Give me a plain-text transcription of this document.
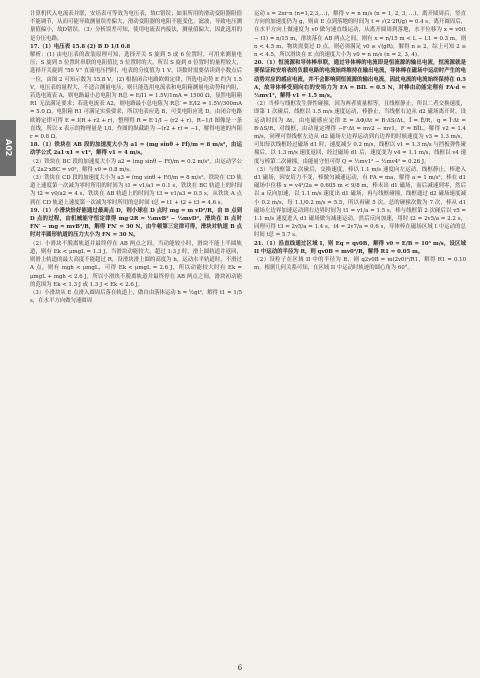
A02

计算机代入电流表并联，安培表可等效为电压表，故C错误；如果所用的滑动变阻器阻值不能调节，从而可能导致测量误差偏大，滑动变阻器的电阻不能变化，滤波，导致电压测量值偏小，故D错误。（3）分析误差可知，使用电流表内接法，测量值偏大，因此选用的是分压电路。

17.（1）电压表 15.8 (2) B D 1/I 0.8

解析：(1) 由电压表的改装原理可知，选择开关 S 旋到 5 或 6 位置时，可用来测量电压；S 旋到 5 位置时串联的电阻值比 5 位置时的大，所以 S 旋到 6 位置时的量程较大，选择开关旋到 "50 V" 直流电压挡时，电表的分度值为 1 V，读数时需要估读到小数点后一位，由图 2 可知示数为 15.8 V。(2) 根据闭合电路欧姆定律，所选电动势 E 约为 1.5 V，电压表的量程大，不适合测量电压，则只能选用电流表和电阻箱测量电动势和内阻，若选电流表 A，则电路最小总电阻为 R总 = E/I1 = 1.5V/1mA = 1500 Ω，显然电阻箱 R1 无法满足要求；若选电流表 A2，则电路最小总电阻为 R总′ = E/I2 = 1.5V/300mA = 5.0 Ω，电阻箱 R1 可满足实验要求，所以电表应选 B，可变电阻应选 D。由闭合电路欧姆定律可得 E = I(R + r2 + r)，整理得 R = E·1/I − (r2 + r)，R−1/I 图像是一条直线，所以 x 表示的物理量是 1/I，作图的纵截距为 −(r2 + r) = −1，解得电池的内阻 r = 0.8 Ω。

18.（1）铁块在 AB 段的加速度大小为 a1 = (mg sinθ + Ff)/m = 8 m/s²，由运动学公式 2a1·x1 = v1²，解得 v1 = 4 m/s。

（2）铁块在 BC 段的加速度大小为 a2 = (mg sinθ − Ff)/m = 0.2 m/s²，由运动学公式 2a2·xBC = v0²，解得 v0 = 0.8 m/s。

（3）铁块在 CD 段的加速度大小为 a3 = (mg sinθ + Ff)/m = 8 m/s²，铁块在 CD 轨道上速度第一次减为零时所用的时间为 t1 = v1/a1 = 0.1 s，铁块在 BC 轨道上的时间为 t2 = v0/a2 = 4 s，铁块在 AB 轨道上的时间为 t3 = v1/a3 = 0.5 s，从铁块 A 点到在 CD 轨道上速度第一次减为零时所用的总时间 t总 = t1 + t2 + t3 = 4.6 s。

19.（1）小滑块恰好能通过最高点 D，则小球在 D 点时 mg = m vD²/R，由 B 点到 D 点的过程，由机械能守恒定律得 mg·2R = ½mvB² − ½mvD²，滑块在 B 点时 FN′ − mg = mvB²/R，解得 FN′ = 30 N，由牛顿第三定律可得，滑块对轨道 B 点时对半圆形轨道的压力大小为 FN = 30 N。

（2）小滑块不脱离轨道并最终停在 AB 两点之间，当动能较小时，滑块不能上半圆轨道，则有 Ek < μmgL = 1.3 J，当滑块动能较大，超过 1.3 J 时，滑上圆轨道并返回，则滑上轨道的最大高度不能超过 R，设滑块滑上圆的高度为 h，运动水平轨道时，不滑过 A 点，则有 mgh < μmgL，可得 Ek < μmgL = 2.6 J，所以动能较大时有 Ek = μmgL + mgh < 2.6 J，所以小滑块不脱离轨道并最终停在 AB 两点之间，滑块初动能的范围为 Ek < 1.3 J 或 1.3 J < Ek < 2.6 J。

（3）小滑块从 E 点滑入圆周后落在轨道上，做自由落体运动 h = ½gt²，解得 t1 = 1/5 s，在水平方向做匀速圆周

运动 s = 2πr·n (n=1,2,3,…)，解得 v = n m/s (n = 1, 2, 3, …)，离开圆周后，竖直方向的加速度仍为 g，则由 E 点到落地的时间为 t = √(2·2R/g) = 0.4 s，离开圆周后，在水平方向上做速度为 v0 做匀速直线运动，从离开圆周到落地，水平位移为 x = v0(t − t1) = n/15 m，滑块落在 AB 两点之间，则有 x = n/15 m < L − L1 = 0.3 m，则 n < 4.5 m，物块需要过 D 点，则必须满足 v0 ≥ √(gR)，解得 n ≥ 2，综上可知 2 ≤ n < 4.5，所以滑块在 E 点的速度大小为 v0 = n m/s (n = 2, 3, 4)。

20.（1）恒流源和导体棒串联，通过导体棒的电流即是恒流源的输出电流，恒流源就是要保证和安培表的负载电路的电流始终维持在输出电流，导体棒在磁场中运动时产生的电动势对应的感应电流，并不会影响到恒流源的输出电流，因此电流的电流始终保持在 0.5 A，故导体棒受到向右的安培力为 FA = BIL = 0.5 N，对棒由动能定理有 FA·d = ½mv1²，解得 v1 = 1.5 m/s。

（2）当棒与线框发生弹性碰撞，因为两者质量相等，且线框静止，所以二者交换速度，即第 1 次碰后，线框以 1.5 m/s 速度运动，棒静止，当线框右边从 d2 磁场离开时，设运动时间为 Δt，由电磁感应定律 E = ΔΦ/Δt = B·ΔS/Δt，Ī = Ē/R，q = Ī·Δt = B·ΔS/R，对线框，由动量定理得 −F·Δt = mv2 − mv1，F = BĪL，解得 v2 = 1.4 m/s，同理可得线框左边从 d2 磁场左边界运动到右边界的时候速度为 v3 = 1.3 m/s，可知每次线框经过磁场 d1 时，速度减少 0.2 m/s，线框以 v1 = 1.3 m/s 与挡板弹性碰撞后，以 1.3 m/s 速度返回，经过磁场 d1 后，速度变为 v4 = 1.1 m/s，线框以 v4 速度与棒第二次碰撞，由能量守恒可得 Q = ½mv1² − ½mv4² = 0.26 J。

（3）与线框第 2 次碰后，交换速度，棒以 1.1 m/s 速度向左运动，线框静止，棒进入 d1 磁场，因安培力不变，棒做匀减速运动，有 FA = ma，解得 a = 1 m/s²，棒在 d1 磁场中位移 x = v4²/2a = 0.605 m < 9/8 m，棒未出 d1 磁场，而后减速到零，然后以 a 反向加速，以 1.1 m/s 速度出 d1 磁场，再与线框碰撞，线框通过 d2 磁场速度减小 0.2 m/s，每 1.1/0.2 m/s = 5.5，所以再碰 5 次，总的碰撞次数为 7 次，棒从 d1 磁场左边界加速运动到右边界时间为 t1 = v1/a = 1.5 s，棒与线框第 2 次碰后以 v5 = 1.1 m/s 速度进入 d1 磁场做匀减速运动，然后反向加速，用时 t2 = 2v5/a = 2.2 s，同理可得 t3 = 2v5/a = 1.4 s，t4 = 2v7/a = 0.6 s，导体棒在磁场区域 I 中运动的总时间 t总 = 5.7 s。

21.（1）沿直线通过区域 I，则 Eq = qv0B，解得 v0 = E/B = 10⁵ m/s，设区域 II 中运动的半径为 R，则 qv0B = mv0²/R，解得 R1 = 0.05 m。

（2）设粒子在区域 II 中的半径为 R，则 q2v0B = m(2v0)²/R1，解得 R1 = 0.10 m，根据几何关系可知，在区域 II 中运动时轨迹的圆心角为 60°。

6
